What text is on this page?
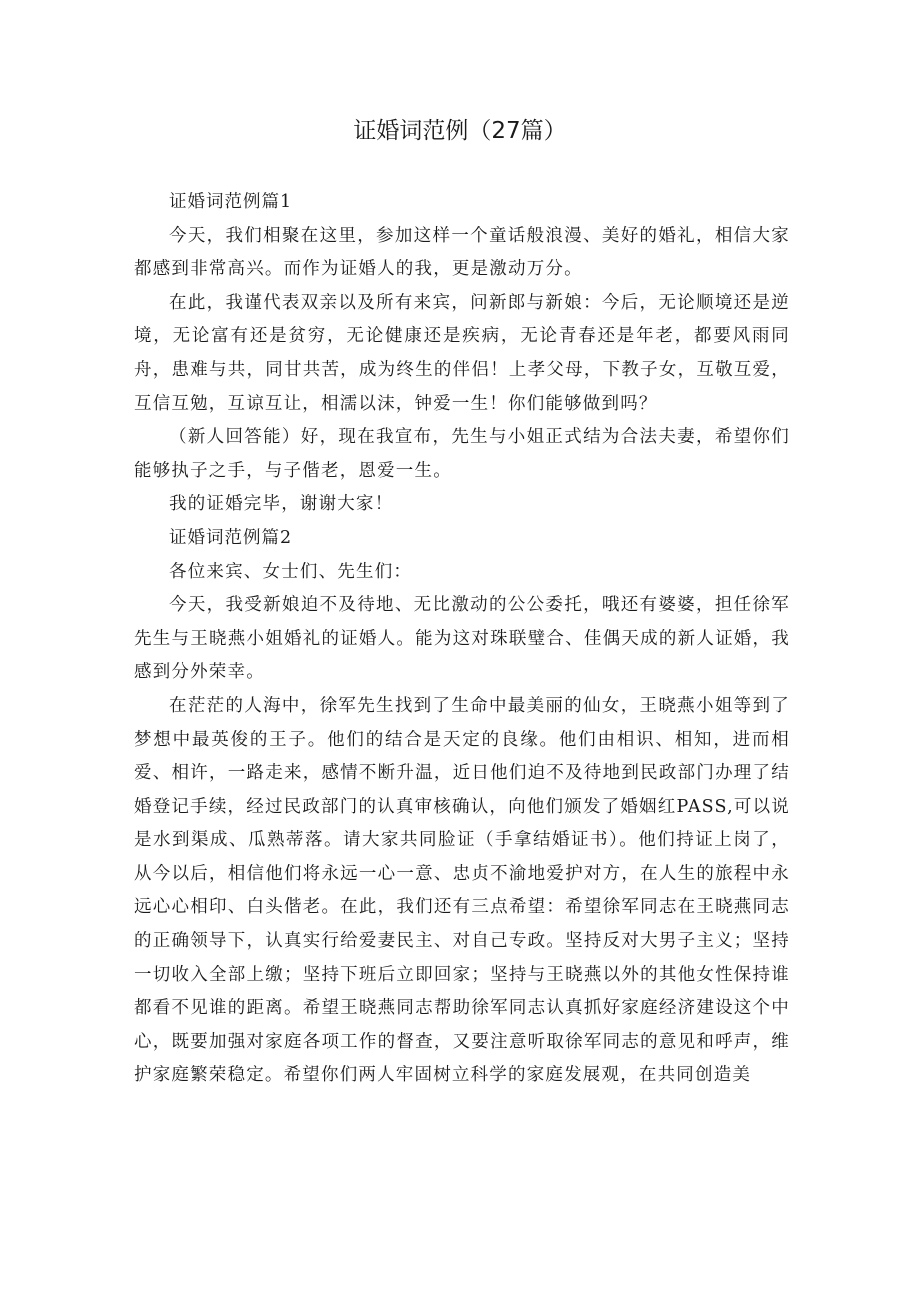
证婚词范例（27篇）

证婚词范例篇1

今天，我们相聚在这里，参加这样一个童话般浪漫、美好的婚礼，相信大家都感到非常高兴。而作为证婚人的我，更是激动万分。

在此，我谨代表双亲以及所有来宾，问新郎与新娘：今后，无论顺境还是逆境，无论富有还是贫穷，无论健康还是疾病，无论青春还是年老，都要风雨同舟，患难与共，同甘共苦，成为终生的伴侣！上孝父母，下教子女，互敬互爱，互信互勉，互谅互让，相濡以沫，钟爱一生！你们能够做到吗？

（新人回答能）好，现在我宣布，先生与小姐正式结为合法夫妻，希望你们能够执子之手，与子偕老，恩爱一生。

我的证婚完毕，谢谢大家！

证婚词范例篇2

各位来宾、女士们、先生们：

今天，我受新娘迫不及待地、无比激动的公公委托，哦还有婆婆，担任徐军先生与王晓燕小姐婚礼的证婚人。能为这对珠联璧合、佳偶天成的新人证婚，我感到分外荣幸。

在茫茫的人海中，徐军先生找到了生命中最美丽的仙女，王晓燕小姐等到了梦想中最英俊的王子。他们的结合是天定的良缘。他们由相识、相知，进而相爱、相许，一路走来，感情不断升温，近日他们迫不及待地到民政部门办理了结婚登记手续，经过民政部门的认真审核确认，向他们颁发了婚姻红PASS,可以说是水到渠成、瓜熟蒂落。请大家共同脸证（手拿结婚证书）。他们持证上岗了，从今以后，相信他们将永远一心一意、忠贞不渝地爱护对方，在人生的旅程中永远心心相印、白头偕老。在此，我们还有三点希望：希望徐军同志在王晓燕同志的正确领导下，认真实行给爱妻民主、对自己专政。坚持反对大男子主义；坚持一切收入全部上缴；坚持下班后立即回家；坚持与王晓燕以外的其他女性保持谁都看不见谁的距离。希望王晓燕同志帮助徐军同志认真抓好家庭经济建设这个中心，既要加强对家庭各项工作的督查，又要注意听取徐军同志的意见和呼声，维护家庭繁荣稳定。希望你们两人牢固树立科学的家庭发展观，在共同创造美
